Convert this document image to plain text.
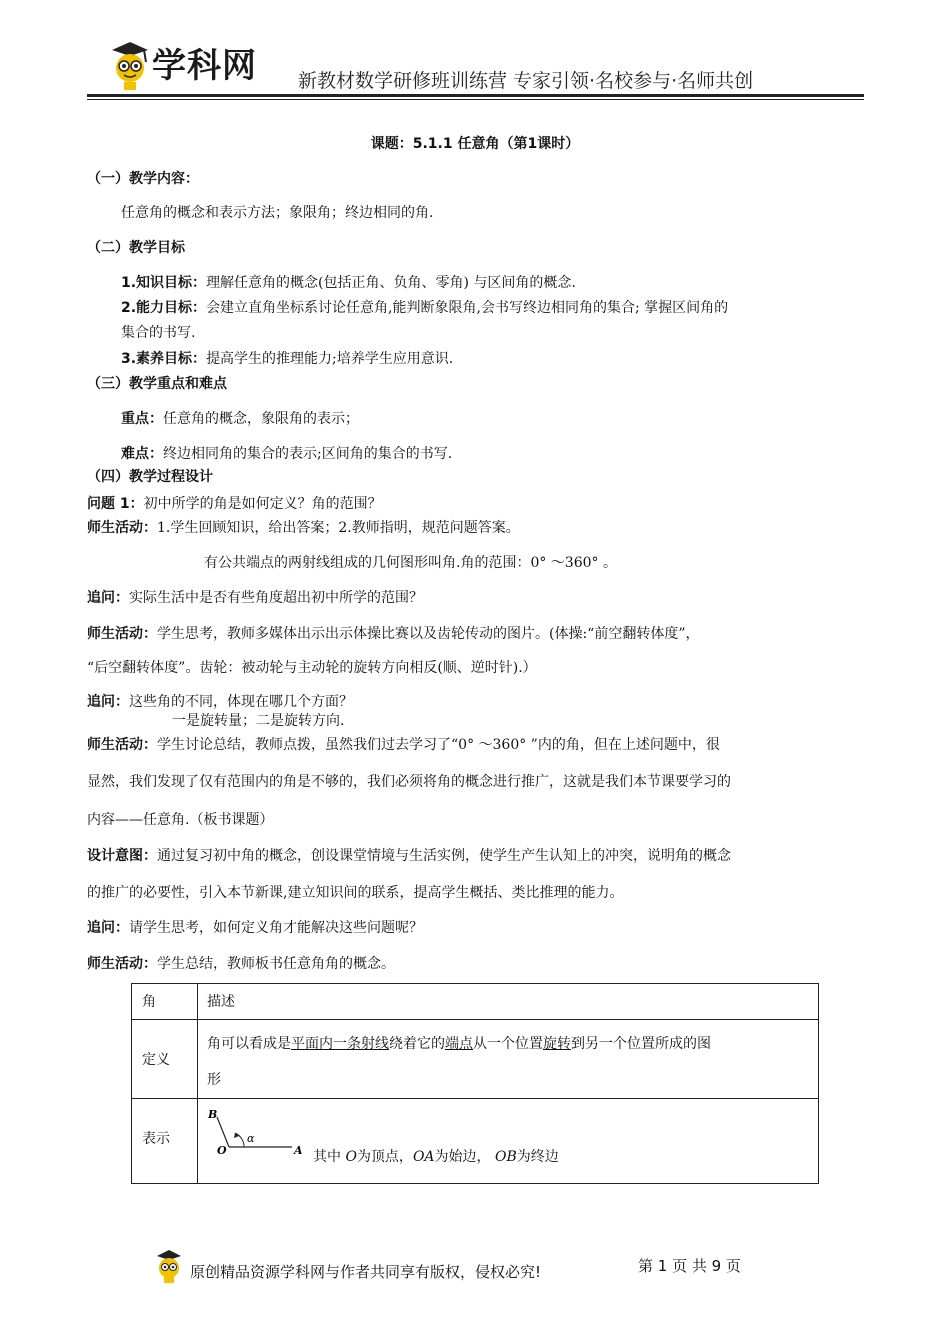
学科网 新教材数学研修班训练营 专家引领·名校参与·名师共创
课题：5.1.1 任意角（第1课时）
（一）教学内容：
任意角的概念和表示方法；象限角；终边相同的角.
（二）教学目标
1.知识目标：理解任意角的概念(包括正角、负角、零角) 与区间角的概念.
2.能力目标：会建立直角坐标系讨论任意角,能判断象限角,会书写终边相同角的集合; 掌握区间角的
集合的书写.
3.素养目标：提高学生的推理能力;培养学生应用意识.
（三）教学重点和难点
重点：任意角的概念，象限角的表示；
难点：终边相同角的集合的表示;区间角的集合的书写.
（四）教学过程设计
问题 1：初中所学的角是如何定义？角的范围？
师生活动：1.学生回顾知识，给出答案；2.教师指明，规范问题答案。
有公共端点的两射线组成的几何图形叫角.角的范围：0° ～360° 。
追问：实际生活中是否有些角度超出初中所学的范围？
师生活动：学生思考，教师多媒体出示出示体操比赛以及齿轮传动的图片。(体操:“前空翻转体度”，
“后空翻转体度”。齿轮：被动轮与主动轮的旋转方向相反(顺、逆时针).）
追问：这些角的不同，体现在哪几个方面？
一是旋转量；二是旋转方向.
师生活动：学生讨论总结，教师点拨，虽然我们过去学习了“0° ～360° ”内的角，但在上述问题中，很
显然，我们发现了仅有范围内的角是不够的，我们必须将角的概念进行推广，这就是我们本节课要学习的
内容——任意角.（板书课题）
设计意图：通过复习初中角的概念，创设课堂情境与生活实例，使学生产生认知上的冲突，说明角的概念
的推广的必要性，引入本节新课,建立知识间的联系，提高学生概括、类比推理的能力。
追问：请学生思考，如何定义角才能解决这些问题呢？
师生活动：学生总结，教师板书任意角角的概念。
角	描述

定义	角可以看成是平面内一条射线绕着它的端点从一个位置旋转到另一个位置所成的图
形

表示	B
O A
α
其中 O为顶点，OA为始边， OB为终边
原创精品资源学科网与作者共同享有版权，侵权必究!	第 1 页 共 9 页
